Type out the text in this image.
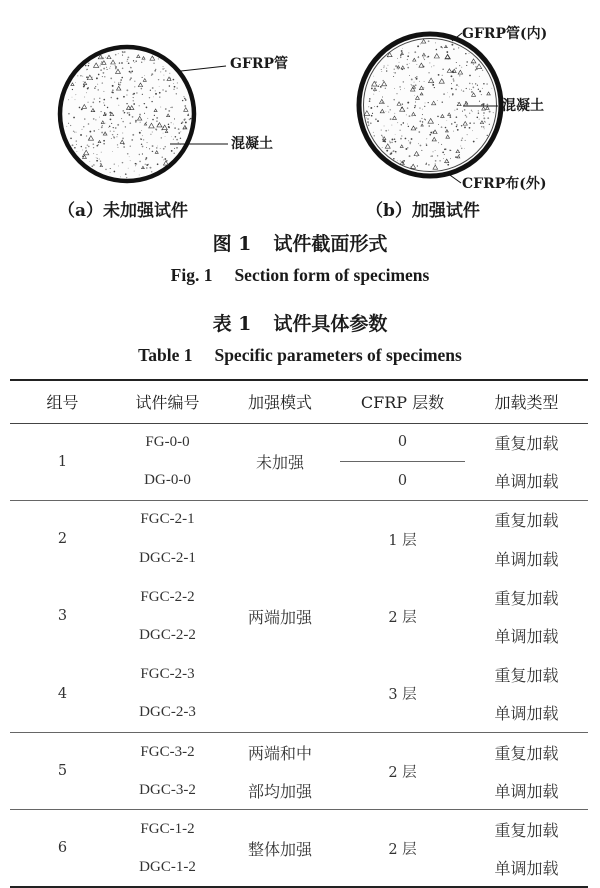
GFRP管
混凝土
GFRP管(内)
混凝土
CFRP布(外)
（a）未加强试件	（b）加强试件
图 1 试件截面形式
Fig. 1 Section form of specimens
表 1 试件具体参数
Table 1 Specific parameters of specimens
组号	试件编号	加强模式	CFRP 层数	加载类型
1	FG-0-0	未加强	0	重复加载
	DG-0-0		0	单调加载
2	FGC-2-1	两端加强	1 层	重复加载
	DGC-2-1			单调加载
3	FGC-2-2		2 层	重复加载
	DGC-2-2			单调加载
4	FGC-2-3		3 层	重复加载
	DGC-2-3			单调加载
5	FGC-3-2	两端和中	2 层	重复加载
	DGC-3-2	部均加强		单调加载
6	FGC-1-2	整体加强	2 层	重复加载
	DGC-1-2			单调加载
